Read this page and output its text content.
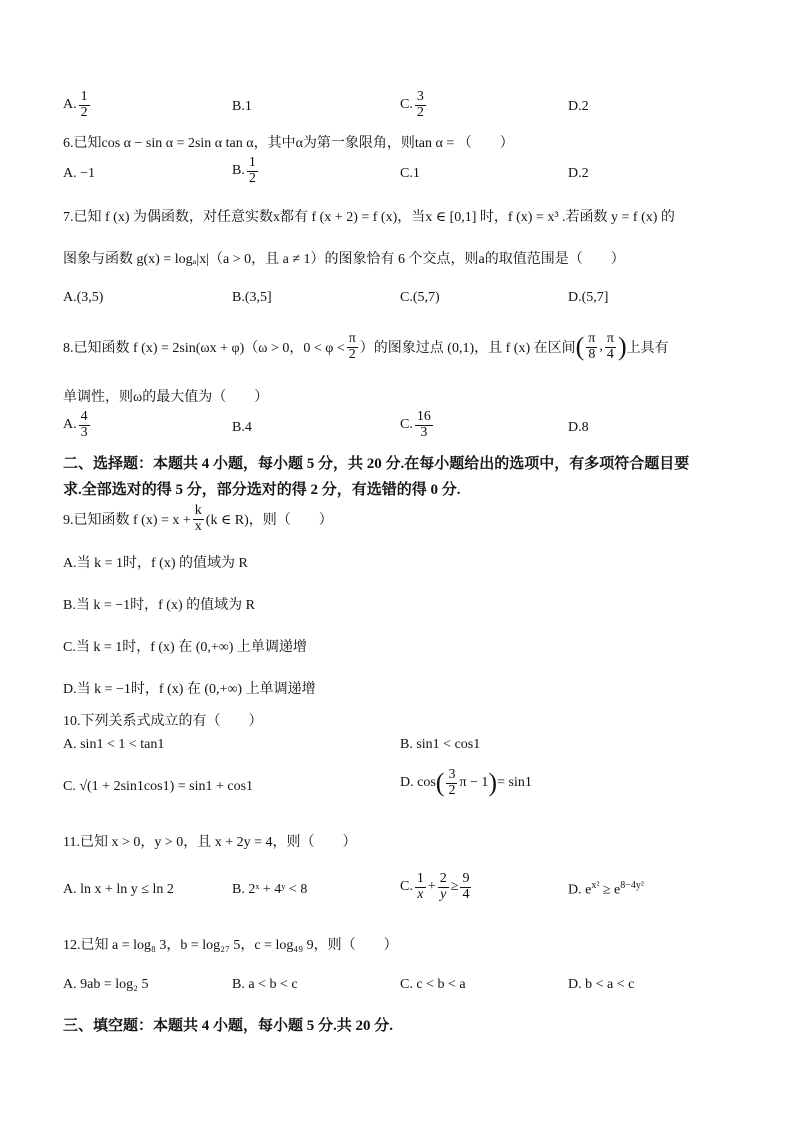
A. $\frac{1}{2}$	B.1	C. $\frac{3}{2}$	D.2
6.已知cos α − sin α = 2sin α tan α，其中α为第一象限角，则tan α = （　　）
A. −1	B. $\frac{1}{2}$	C.1	D.2
7.已知 f (x) 为偶函数，对任意实数x都有 f (x + 2) = f (x)，当x ∈ [0,1] 时，f (x) = x³ .若函数 y = f (x) 的
图象与函数 g(x) = logₐ|x|（a > 0，且 a ≠ 1）的图象恰有 6 个交点，则a的取值范围是（　　）
A.(3,5)	B.(3,5]	C.(5,7)	D.(5,7]
8.已知函数 f (x) = 2sin(ωx + φ)（ω > 0，$0 < \varphi < \frac{\pi}{2}$ ）的图象过点 (0,1)，且 f (x) 在区间 ( $\frac{\pi}{8}$ , $\frac{\pi}{4}$ ) 上具有
单调性，则ω的最大值为（　　）
A. $\frac{4}{3}$	B.4	C. $\frac{16}{3}$	D.8
二、选择题：本题共 4 小题，每小题 5 分，共 20 分.在每小题给出的选项中，有多项符合题目要
求.全部选对的得 5 分，部分选对的得 2 分，有选错的得 0 分.
9.已知函数 f $(x) = x + \frac{k}{x} (k$ ∈ R)，则（　　）
A.当 k = 1时，f (x) 的值域为 R
B.当 k = −1时，f (x) 的值域为 R
C.当 k = 1时，f (x) 在 (0,+∞) 上单调递增
D.当 k = −1时，f (x) 在 (0,+∞) 上单调递增
10.下列关系式成立的有（　　）
A. sin1 < 1 < tan1	B. sin1 < cos1
C. √(1 + 2sin1cos1) = sin1 + cos1	D. cos ( $\frac{3}{2}$ π − 1 ) = sin1
11.已知 x > 0，y > 0，且 x + 2y = 4，则（　　）
A. ln x + ln y ≤ ln 2	B. 2ˣ + 4ʸ < 8	C. $\frac{1}{x} + \frac{2}{y} \ge \frac{9}{4}$	D. $e^{x^2} \ge e^{8-4y^2}$
12.已知 a = log₈ 3，b = log₂₇ 5，c = log₄₉ 9，则（　　）
A. 9ab = log₂ 5	B. a < b < c	C. c < b < a	D. b < a < c
三、填空题：本题共 4 小题，每小题 5 分.共 20 分.
